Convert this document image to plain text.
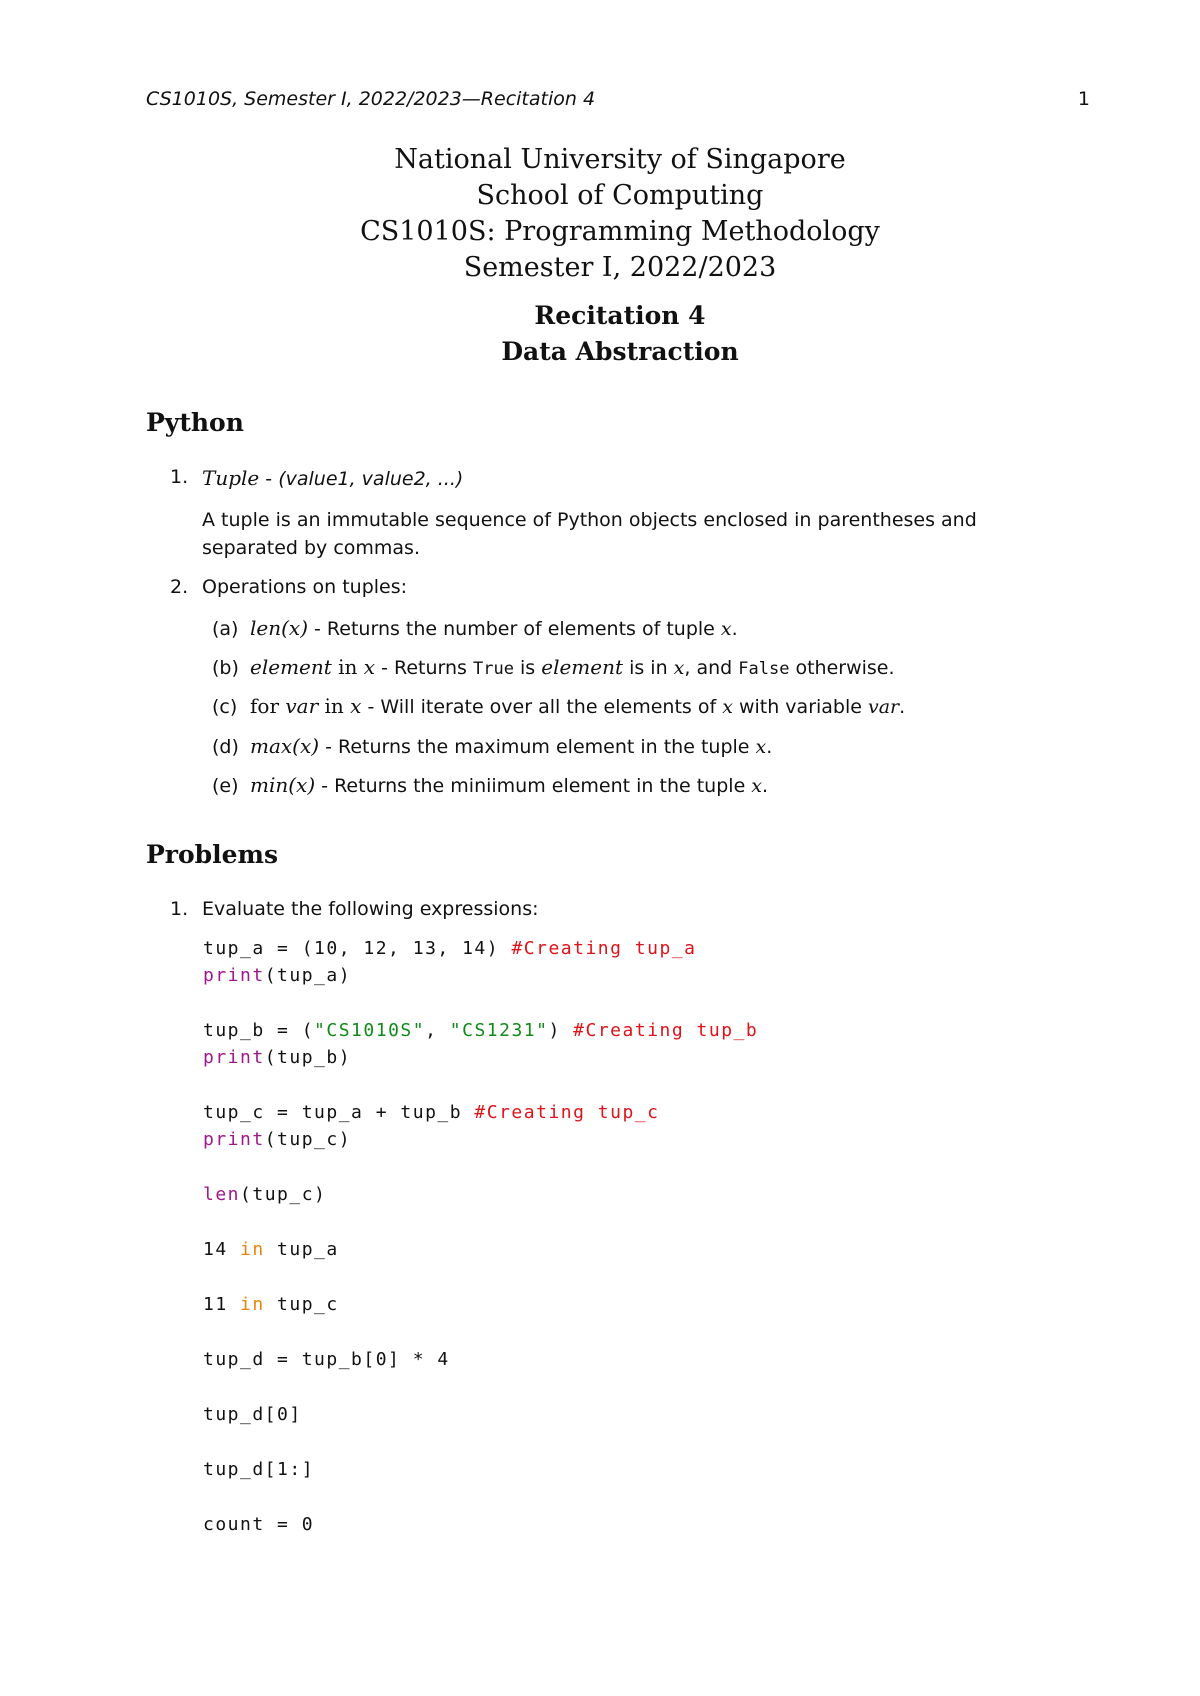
CS1010S, Semester I, 2022/2023—Recitation 4	1
National University of Singapore
School of Computing
CS1010S: Programming Methodology
Semester I, 2022/2023
Recitation 4
Data Abstraction
Python
1. Tuple - (value1, value2, ...)
A tuple is an immutable sequence of Python objects enclosed in parentheses and
separated by commas.
2. Operations on tuples:
(a) len(x) - Returns the number of elements of tuple x.
(b) element in x - Returns True is element is in x, and False otherwise.
(c) for var in x - Will iterate over all the elements of x with variable var.
(d) max(x) - Returns the maximum element in the tuple x.
(e) min(x) - Returns the miniimum element in the tuple x.
Problems
1. Evaluate the following expressions:
tup_a = (10, 12, 13, 14) #Creating tup_a
print(tup_a)
tup_b = ("CS1010S", "CS1231") #Creating tup_b
print(tup_b)
tup_c = tup_a + tup_b #Creating tup_c
print(tup_c)
len(tup_c)
14 in tup_a
11 in tup_c
tup_d = tup_b[0] * 4
tup_d[0]
tup_d[1:]
count = 0
